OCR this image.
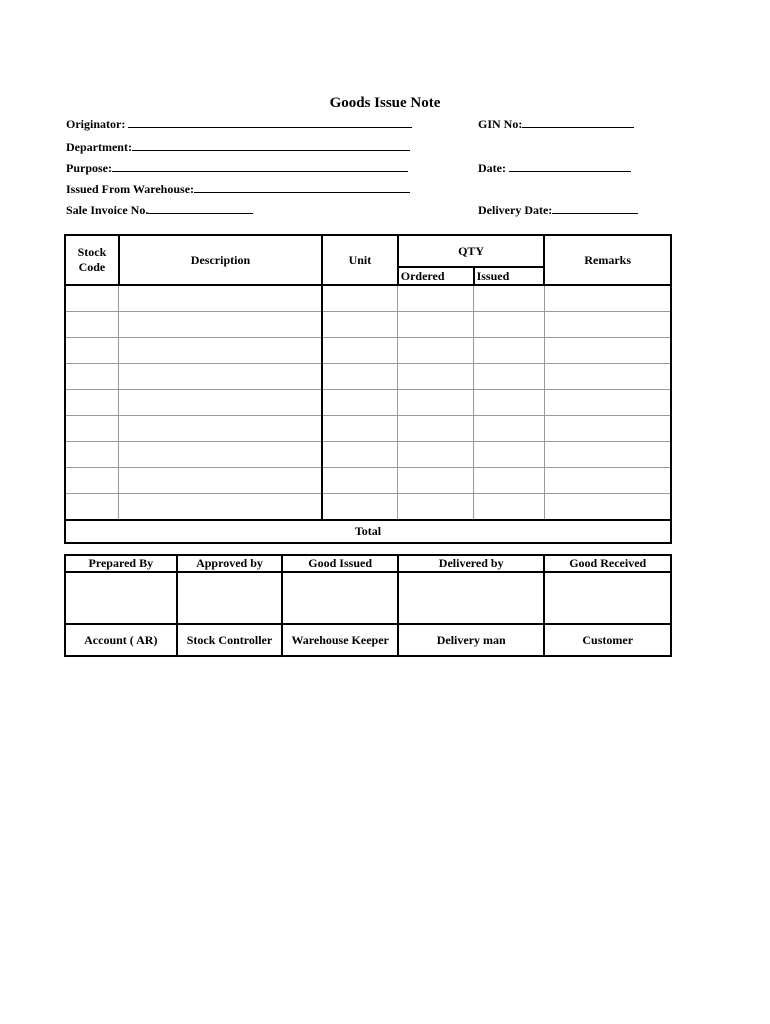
Goods Issue Note
Originator:	GIN No:
Department:
Purpose:	Date:
Issued From Warehouse:
Sale Invoice No.	Delivery Date:
Stock
Code	Description	Unit	QTY		Remarks
			Ordered	Issued	

Total					
Prepared By	Approved by	Good Issued	Delivered by	Good Received

Account ( AR)	Stock Controller	Warehouse Keeper	Delivery man	Customer
